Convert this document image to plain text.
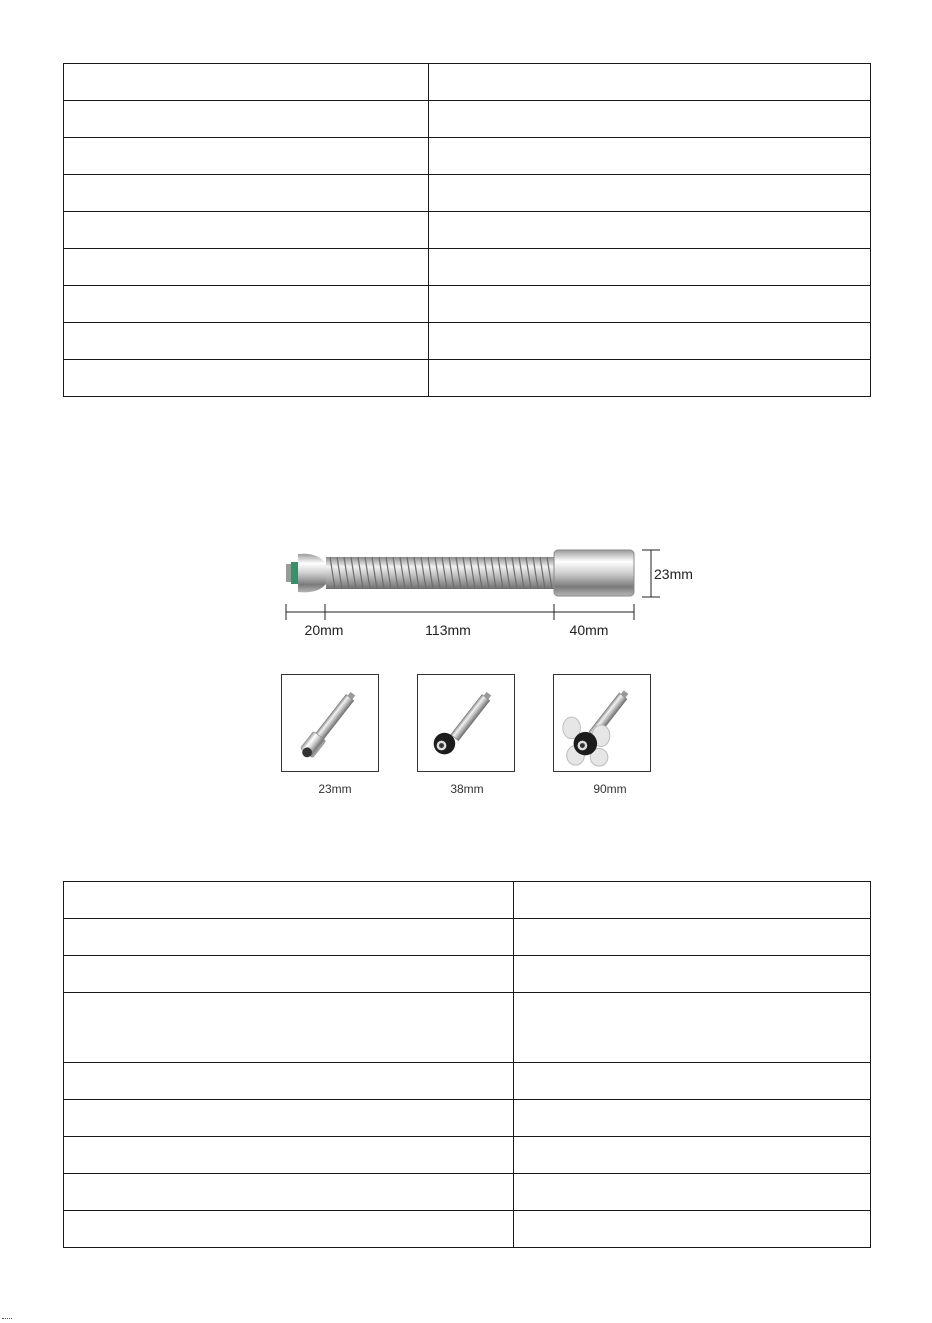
20mm	113mm	40mm
23mm
23mm	38mm	90mm
